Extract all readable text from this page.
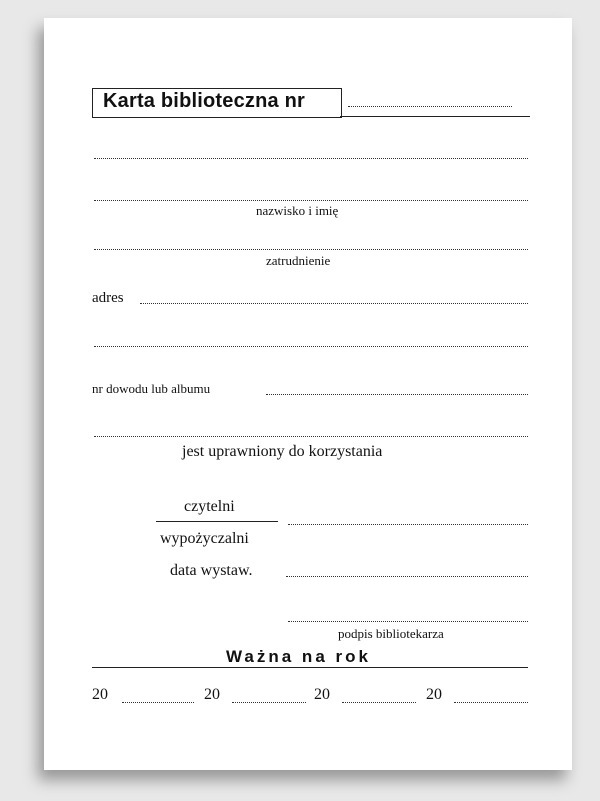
Karta biblioteczna nr
nazwisko i imię
zatrudnienie
adres
nr dowodu lub albumu
jest uprawniony do korzystania
czytelni
wypożyczalni
data wystaw.
podpis bibliotekarza
Ważna na rok
20	20	20	20
